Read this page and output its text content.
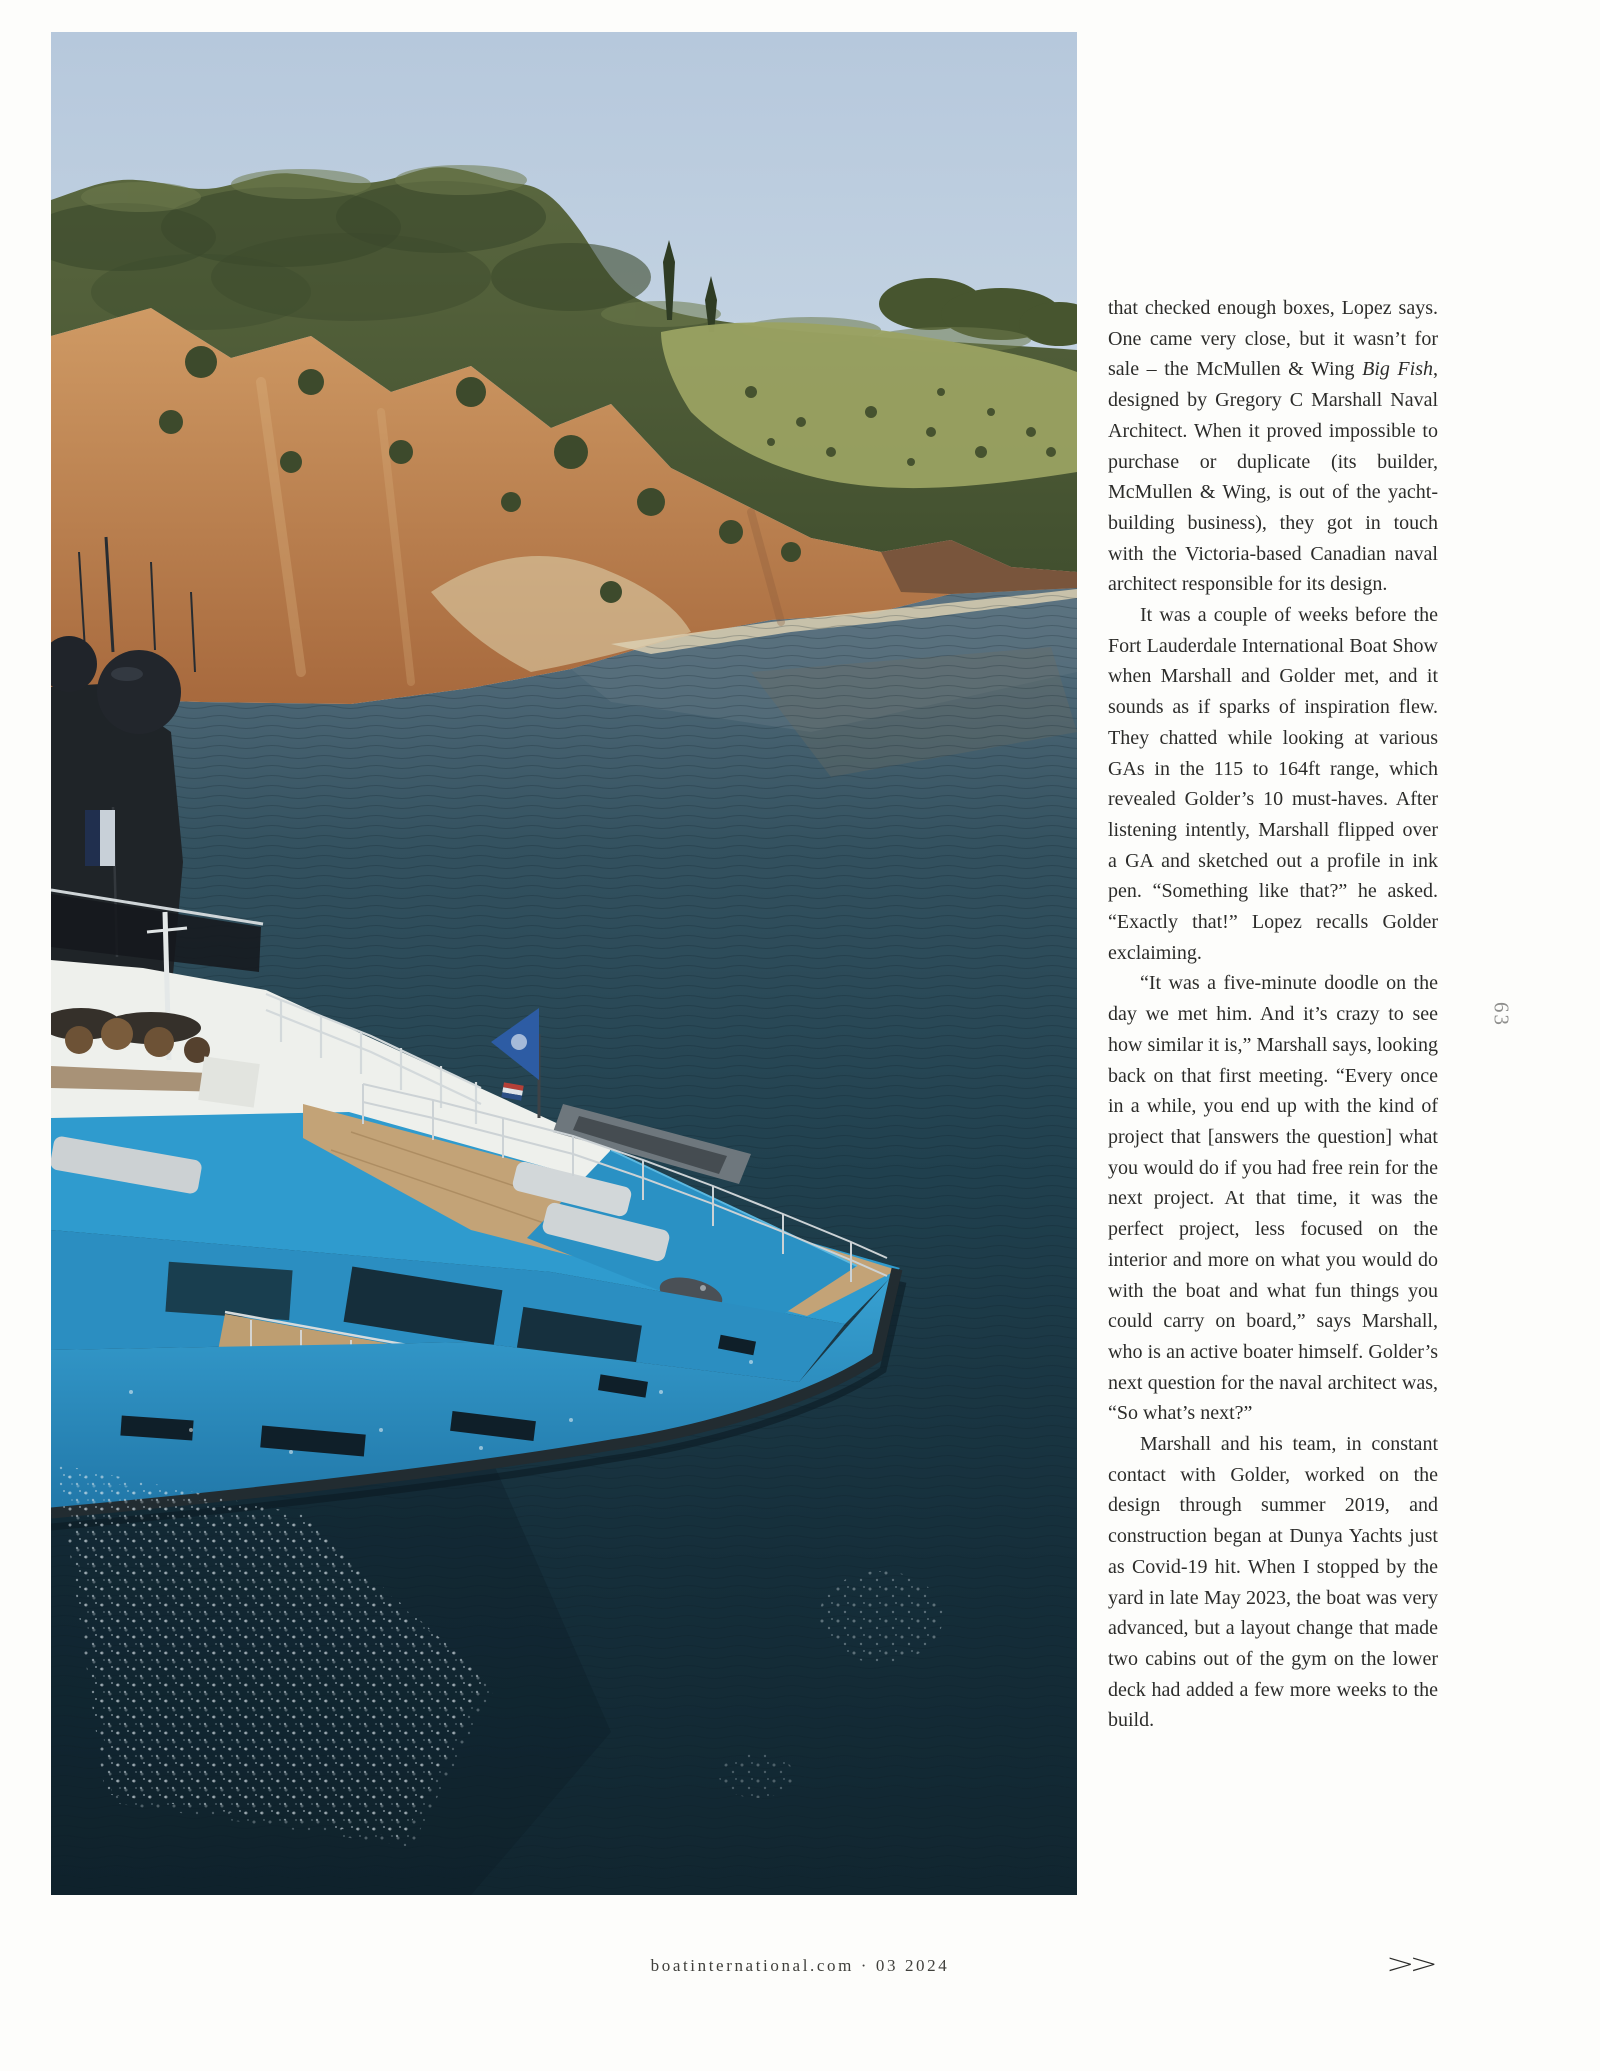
that checked enough boxes, Lopez says. One came very close, but it wasn’t for sale – the McMullen & Wing Big Fish, designed by Gregory C Marshall Naval Architect. When it proved impossible to purchase or duplicate (its builder, McMullen & Wing, is out of the yacht-building business), they got in touch with the Victoria-based Canadian naval architect responsible for its design.

It was a couple of weeks before the Fort Lauderdale International Boat Show when Marshall and Golder met, and it sounds as if sparks of inspiration flew. They chatted while looking at various GAs in the 115 to 164ft range, which revealed Golder’s 10 must-haves. After listening intently, Marshall flipped over a GA and sketched out a profile in ink pen. “Something like that?” he asked. “Exactly that!” Lopez recalls Golder exclaiming.

“It was a five-minute doodle on the day we met him. And it’s crazy to see how similar it is,” Marshall says, looking back on that first meeting. “Every once in a while, you end up with the kind of project that [answers the question] what you would do if you had free rein for the next project. At that time, it was the perfect project, less focused on the interior and more on what you would do with the boat and what fun things you could carry on board,” says Marshall, who is an active boater himself. Golder’s next question for the naval architect was, “So what’s next?”

Marshall and his team, in constant contact with Golder, worked on the design through summer 2019, and construction began at Dunya Yachts just as Covid-19 hit. When I stopped by the yard in late May 2023, the boat was very advanced, but a layout change that made two cabins out of the gym on the lower deck had added a few more weeks to the build.

63
boatinternational.com · 03 2024	>>
